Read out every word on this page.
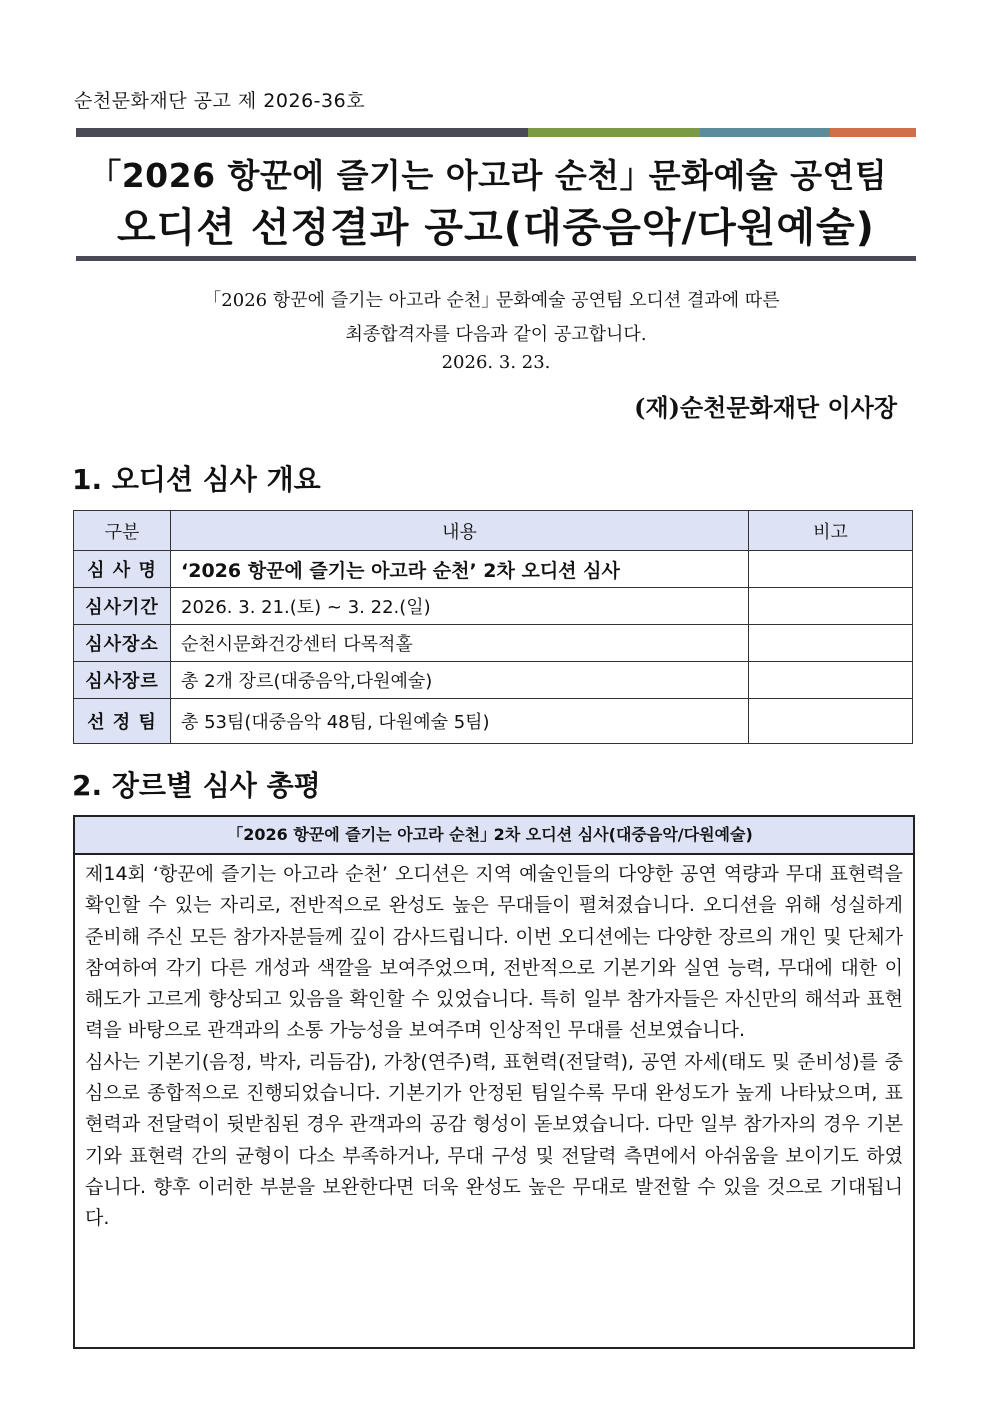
순천문화재단 공고 제 2026-36호
｢2026 항꾼에 즐기는 아고라 순천｣ 문화예술 공연팀
오디션 선정결과 공고(대중음악/다원예술)
｢2026 항꾼에 즐기는 아고라 순천｣ 문화예술 공연팀 오디션 결과에 따른
최종합격자를 다음과 같이 공고합니다.
2026. 3. 23.
(재)순천문화재단 이사장
1. 오디션 심사 개요
구분	내용	비고
심 사 명	‘2026 항꾼에 즐기는 아고라 순천’ 2차 오디션 심사	
심사기간	2026. 3. 21.(토) ~ 3. 22.(일)	
심사장소	순천시문화건강센터 다목적홀	
심사장르	총 2개 장르(대중음악,다원예술)	
선 정 팀	총 53팀(대중음악 48팀, 다원예술 5팀)	
2. 장르별 심사 총평
｢2026 항꾼에 즐기는 아고라 순천｣ 2차 오디션 심사(대중음악/다원예술)

제14회 ‘항꾼에 즐기는 아고라 순천’ 오디션은 지역 예술인들의 다양한 공연 역량과 무대 표현력을 확인할 수 있는 자리로, 전반적으로 완성도 높은 무대들이 펼쳐졌습니다. 오디션을 위해 성실하게 준비해 주신 모든 참가자분들께 깊이 감사드립니다. 이번 오디션에는 다양한 장르의 개인 및 단체가 참여하여 각기 다른 개성과 색깔을 보여주었으며, 전반적으로 기본기와 실연 능력, 무대에 대한 이해도가 고르게 향상되고 있음을 확인할 수 있었습니다. 특히 일부 참가자들은 자신만의 해석과 표현력을 바탕으로 관객과의 소통 가능성을 보여주며 인상적인 무대를 선보였습니다.

심사는 기본기(음정, 박자, 리듬감), 가창(연주)력, 표현력(전달력), 공연 자세(태도 및 준비성)를 중심으로 종합적으로 진행되었습니다. 기본기가 안정된 팀일수록 무대 완성도가 높게 나타났으며, 표현력과 전달력이 뒷받침된 경우 관객과의 공감 형성이 돋보였습니다. 다만 일부 참가자의 경우 기본기와 표현력 간의 균형이 다소 부족하거나, 무대 구성 및 전달력 측면에서 아쉬움을 보이기도 하였습니다. 향후 이러한 부분을 보완한다면 더욱 완성도 높은 무대로 발전할 수 있을 것으로 기대됩니다.
